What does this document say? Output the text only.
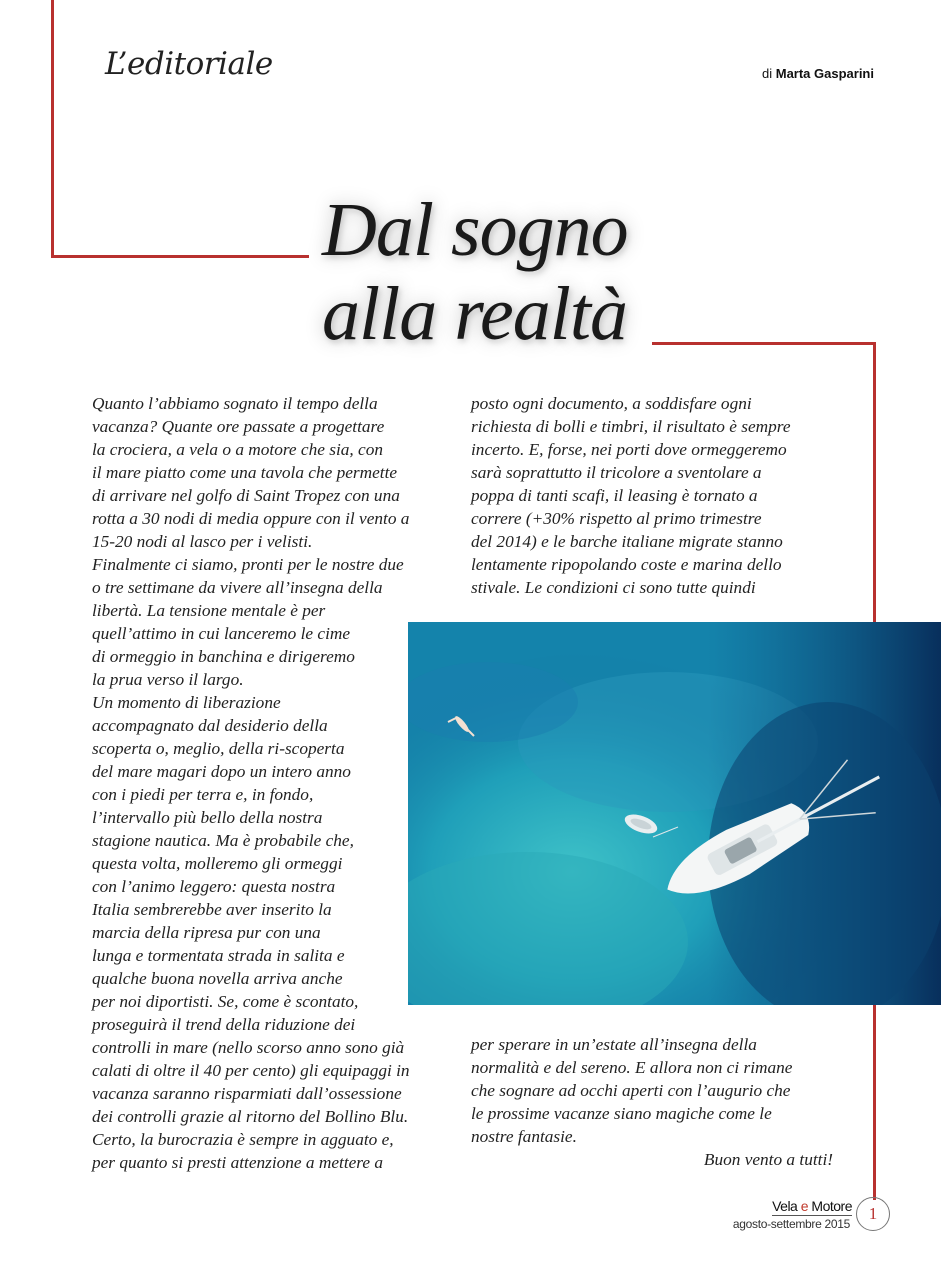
L’editoriale	di Marta Gasparini
Dal sogno
alla realtà
Quanto l’abbiamo sognato il tempo della
vacanza? Quante ore passate a progettare
la crociera, a vela o a motore che sia, con
il mare piatto come una tavola che permette
di arrivare nel golfo di Saint Tropez con una
rotta a 30 nodi di media oppure con il vento a
15-20 nodi al lasco per i velisti.
Finalmente ci siamo, pronti per le nostre due
o tre settimane da vivere all’insegna della
libertà. La tensione mentale è per
quell’attimo in cui lanceremo le cime
di ormeggio in banchina e dirigeremo
la prua verso il largo.
Un momento di liberazione
accompagnato dal desiderio della
scoperta o, meglio, della ri-scoperta
del mare magari dopo un intero anno
con i piedi per terra e, in fondo,
l’intervallo più bello della nostra
stagione nautica. Ma è probabile che,
questa volta, molleremo gli ormeggi
con l’animo leggero: questa nostra
Italia sembrerebbe aver inserito la
marcia della ripresa pur con una
lunga e tormentata strada in salita e
qualche buona novella arriva anche
per noi diportisti. Se, come è scontato,
proseguirà il trend della riduzione dei
controlli in mare (nello scorso anno sono già
calati di oltre il 40 per cento) gli equipaggi in
vacanza saranno risparmiati dall’ossessione
dei controlli grazie al ritorno del Bollino Blu.
Certo, la burocrazia è sempre in agguato e,
per quanto si presti attenzione a mettere a
posto ogni documento, a soddisfare ogni
richiesta di bolli e timbri, il risultato è sempre
incerto. E, forse, nei porti dove ormeggeremo
sarà soprattutto il tricolore a sventolare a
poppa di tanti scafi, il leasing è tornato a
correre (+30% rispetto al primo trimestre
del 2014) e le barche italiane migrate stanno
lentamente ripopolando coste e marina dello
stivale. Le condizioni ci sono tutte quindi
per sperare in un’estate all’insegna della
normalità e del sereno. E allora non ci rimane
che sognare ad occhi aperti con l’augurio che
le prossime vacanze siano magiche come le
nostre fantasie.
Buon vento a tutti!
Vela e Motore
agosto-settembre 2015
1
